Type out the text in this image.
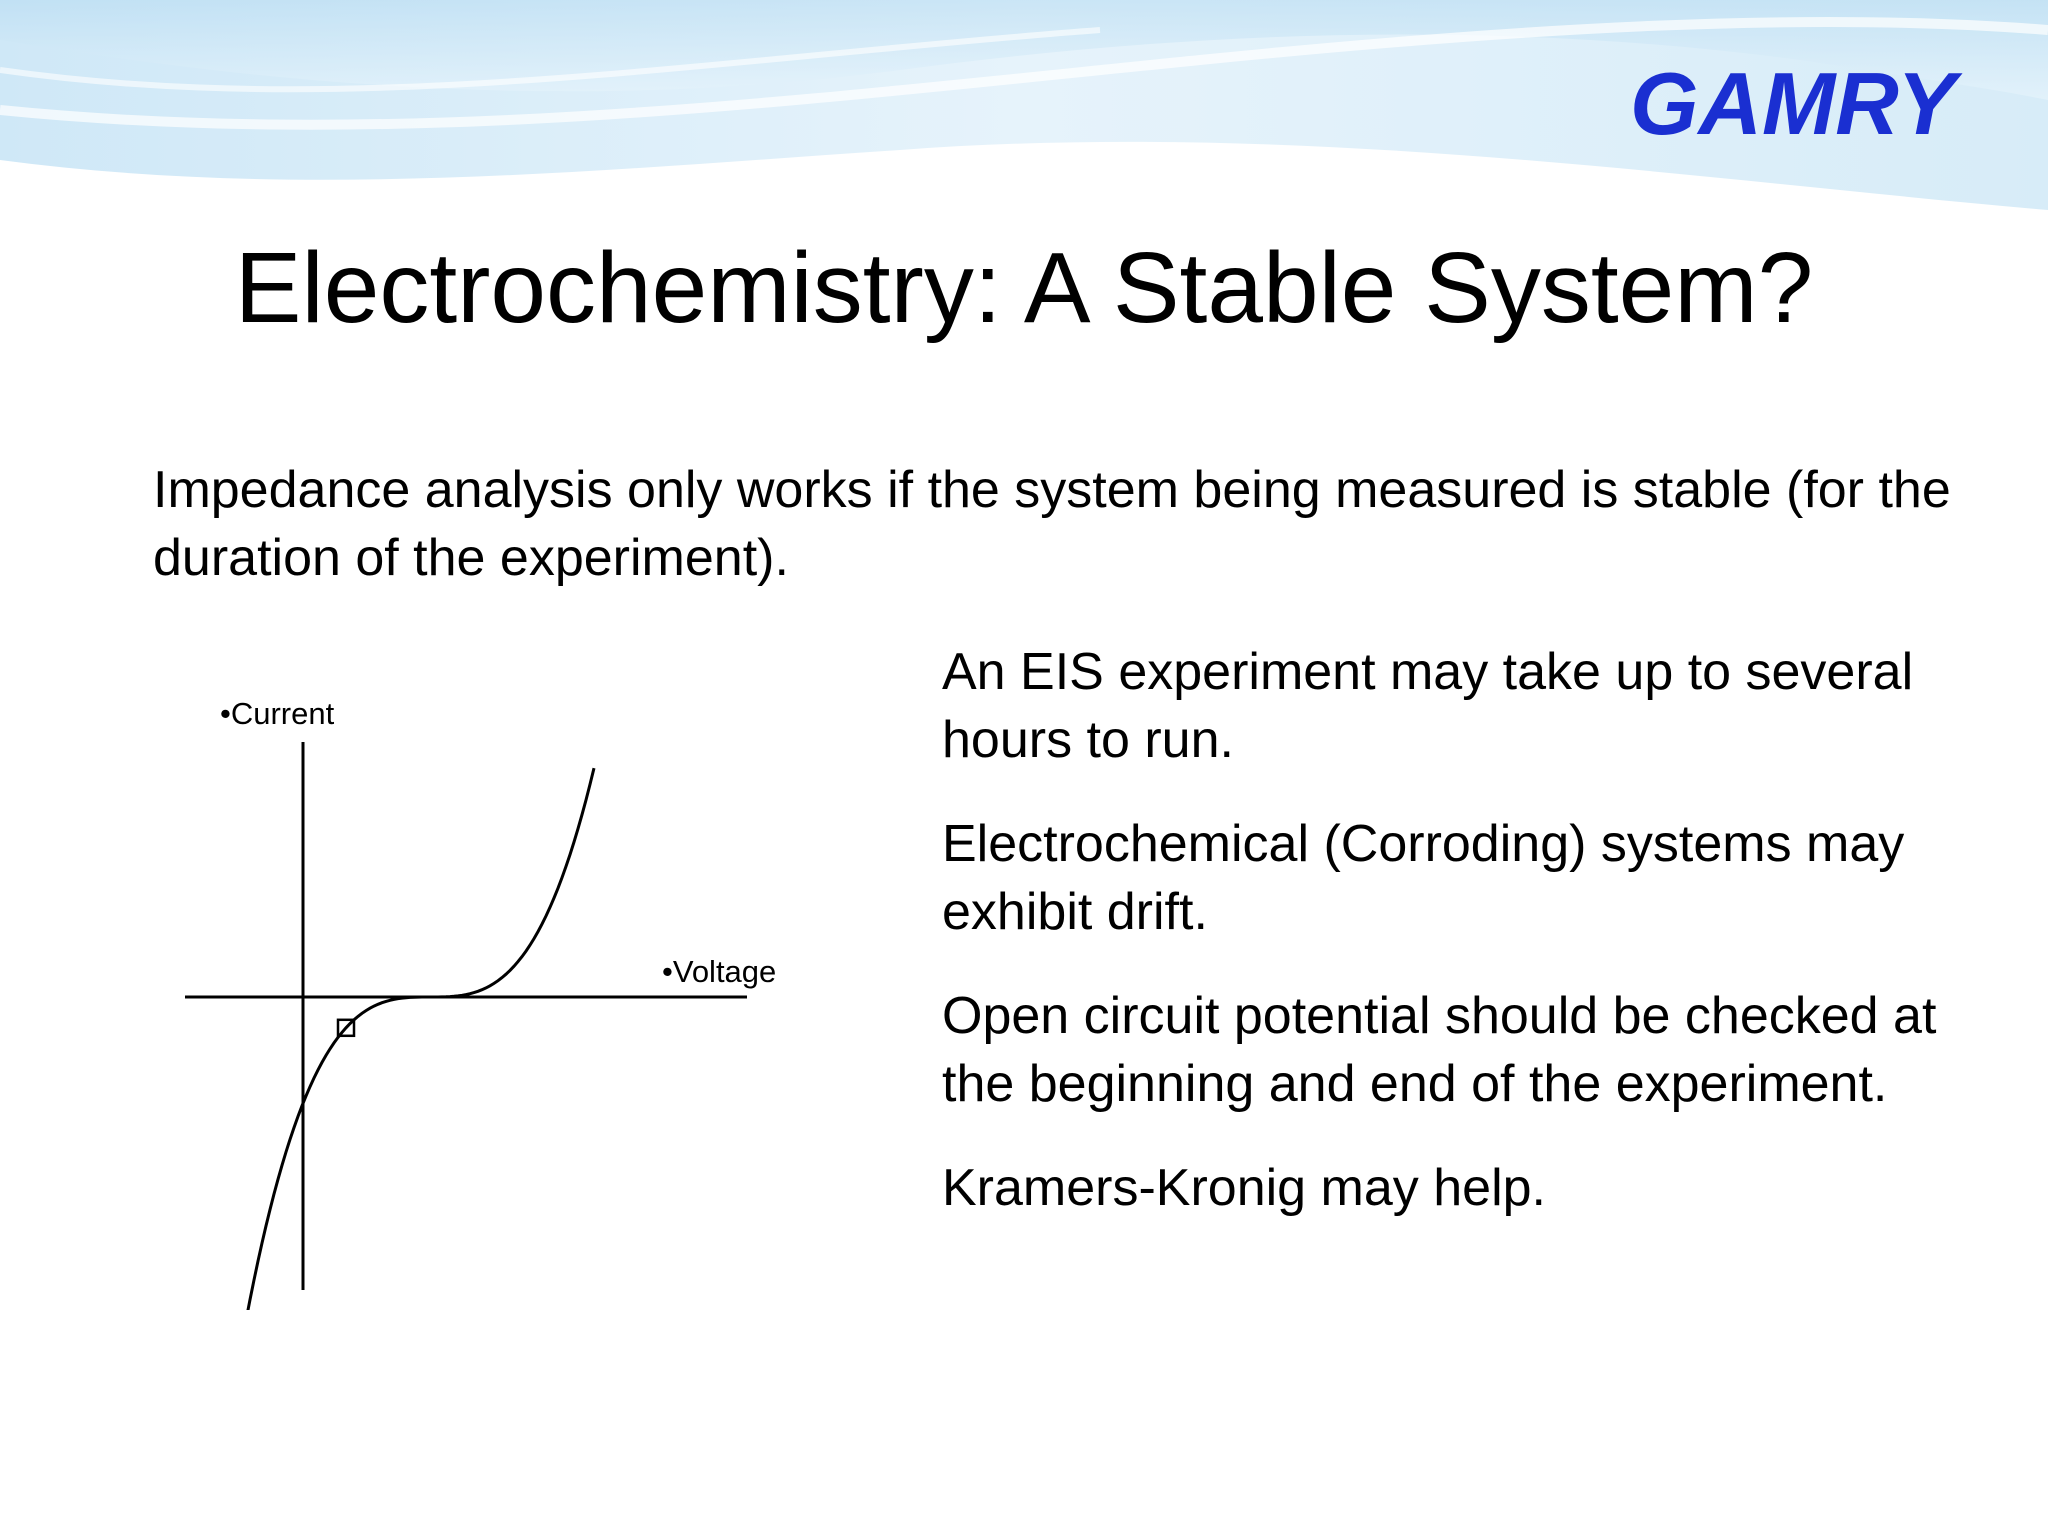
GAMRY
Electrochemistry: A Stable System?

Impedance analysis only works if the system being measured is stable (for the duration of the experiment).

•Current
•Voltage
An EIS experiment may take up to several hours to run.
Electrochemical (Corroding) systems may exhibit drift.
Open circuit potential should be checked at the beginning and end of the experiment.
Kramers-Kronig may help.
